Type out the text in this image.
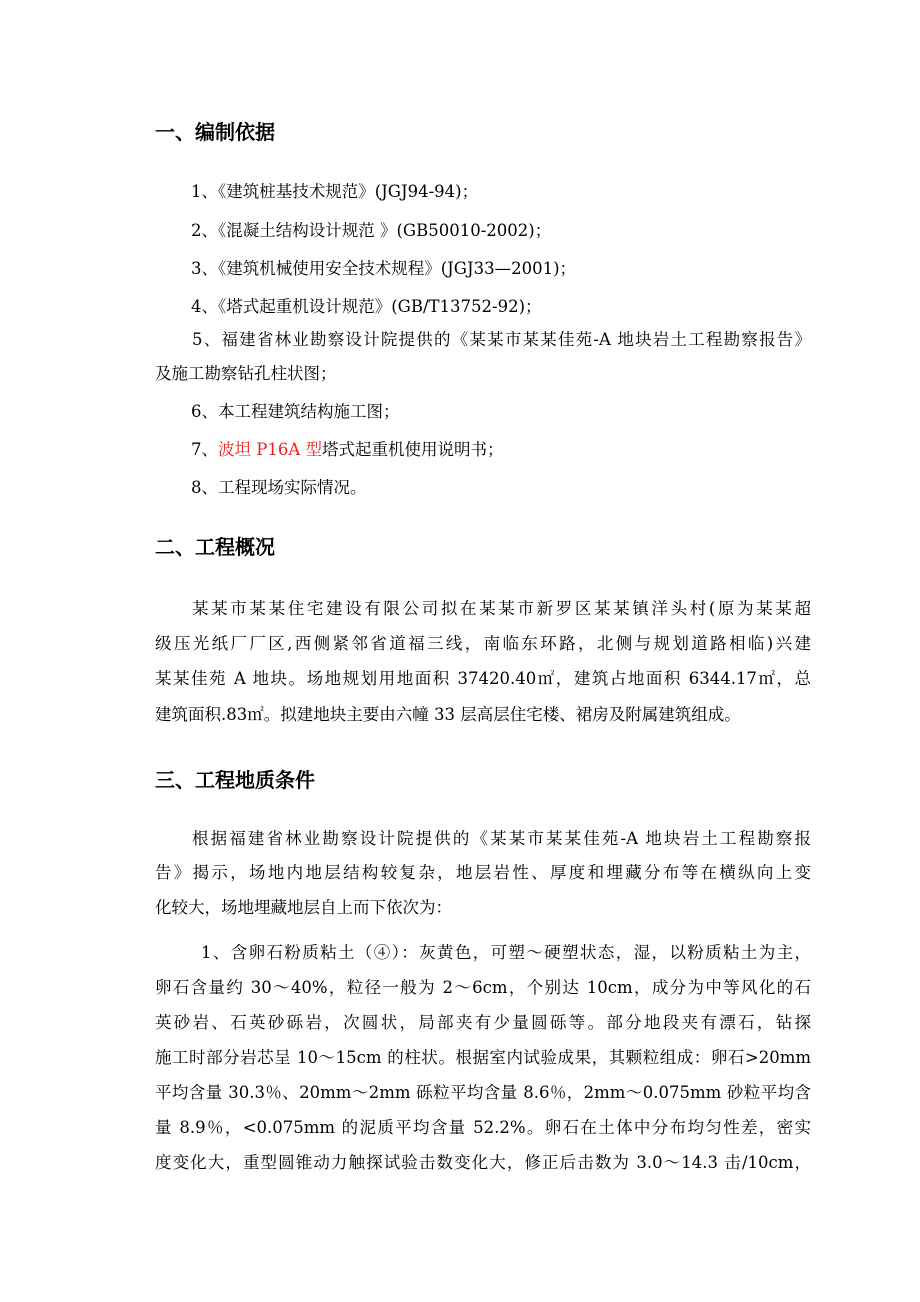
一、编制依据

1、《建筑桩基技术规范》(JGJ94-94)；

2、《混凝土结构设计规范 》(GB50010-2002)；

3、《建筑机械使用安全技术规程》(JGJ33—2001)；

4、《塔式起重机设计规范》(GB/T13752-92)；

5、福建省林业勘察设计院提供的《某某市某某佳苑-A 地块岩土工程勘察报告》

及施工勘察钻孔柱状图；

6、本工程建筑结构施工图；

7、波坦 P16A 型塔式起重机使用说明书；

8、工程现场实际情况。

二、工程概况

某某市某某住宅建设有限公司拟在某某市新罗区某某镇洋头村(原为某某超

级压光纸厂厂区,西侧紧邻省道福三线，南临东环路，北侧与规划道路相临)兴建

某某佳苑 A 地块。场地规划用地面积 37420.40㎡，建筑占地面积 6344.17㎡，总

建筑面积.83㎡。拟建地块主要由六幢 33 层高层住宅楼、裙房及附属建筑组成。

三、工程地质条件

根据福建省林业勘察设计院提供的《某某市某某佳苑-A 地块岩土工程勘察报

告》揭示，场地内地层结构较复杂，地层岩性、厚度和埋藏分布等在横纵向上变

化较大，场地埋藏地层自上而下依次为：

1、含卵石粉质粘土（④）：灰黄色，可塑～硬塑状态，湿，以粉质粘土为主，

卵石含量约 30～40%，粒径一般为 2～6cm，个别达 10cm，成分为中等风化的石

英砂岩、石英砂砾岩，次圆状，局部夹有少量圆砾等。部分地段夹有漂石，钻探

施工时部分岩芯呈 10～15cm 的柱状。根据室内试验成果，其颗粒组成：卵石>20mm

平均含量 30.3％、20mm～2mm 砾粒平均含量 8.6％，2mm～0.075mm 砂粒平均含

量 8.9％，<0.075mm 的泥质平均含量 52.2%。卵石在土体中分布均匀性差，密实

度变化大，重型圆锥动力触探试验击数变化大，修正后击数为 3.0～14.3 击/10cm，
